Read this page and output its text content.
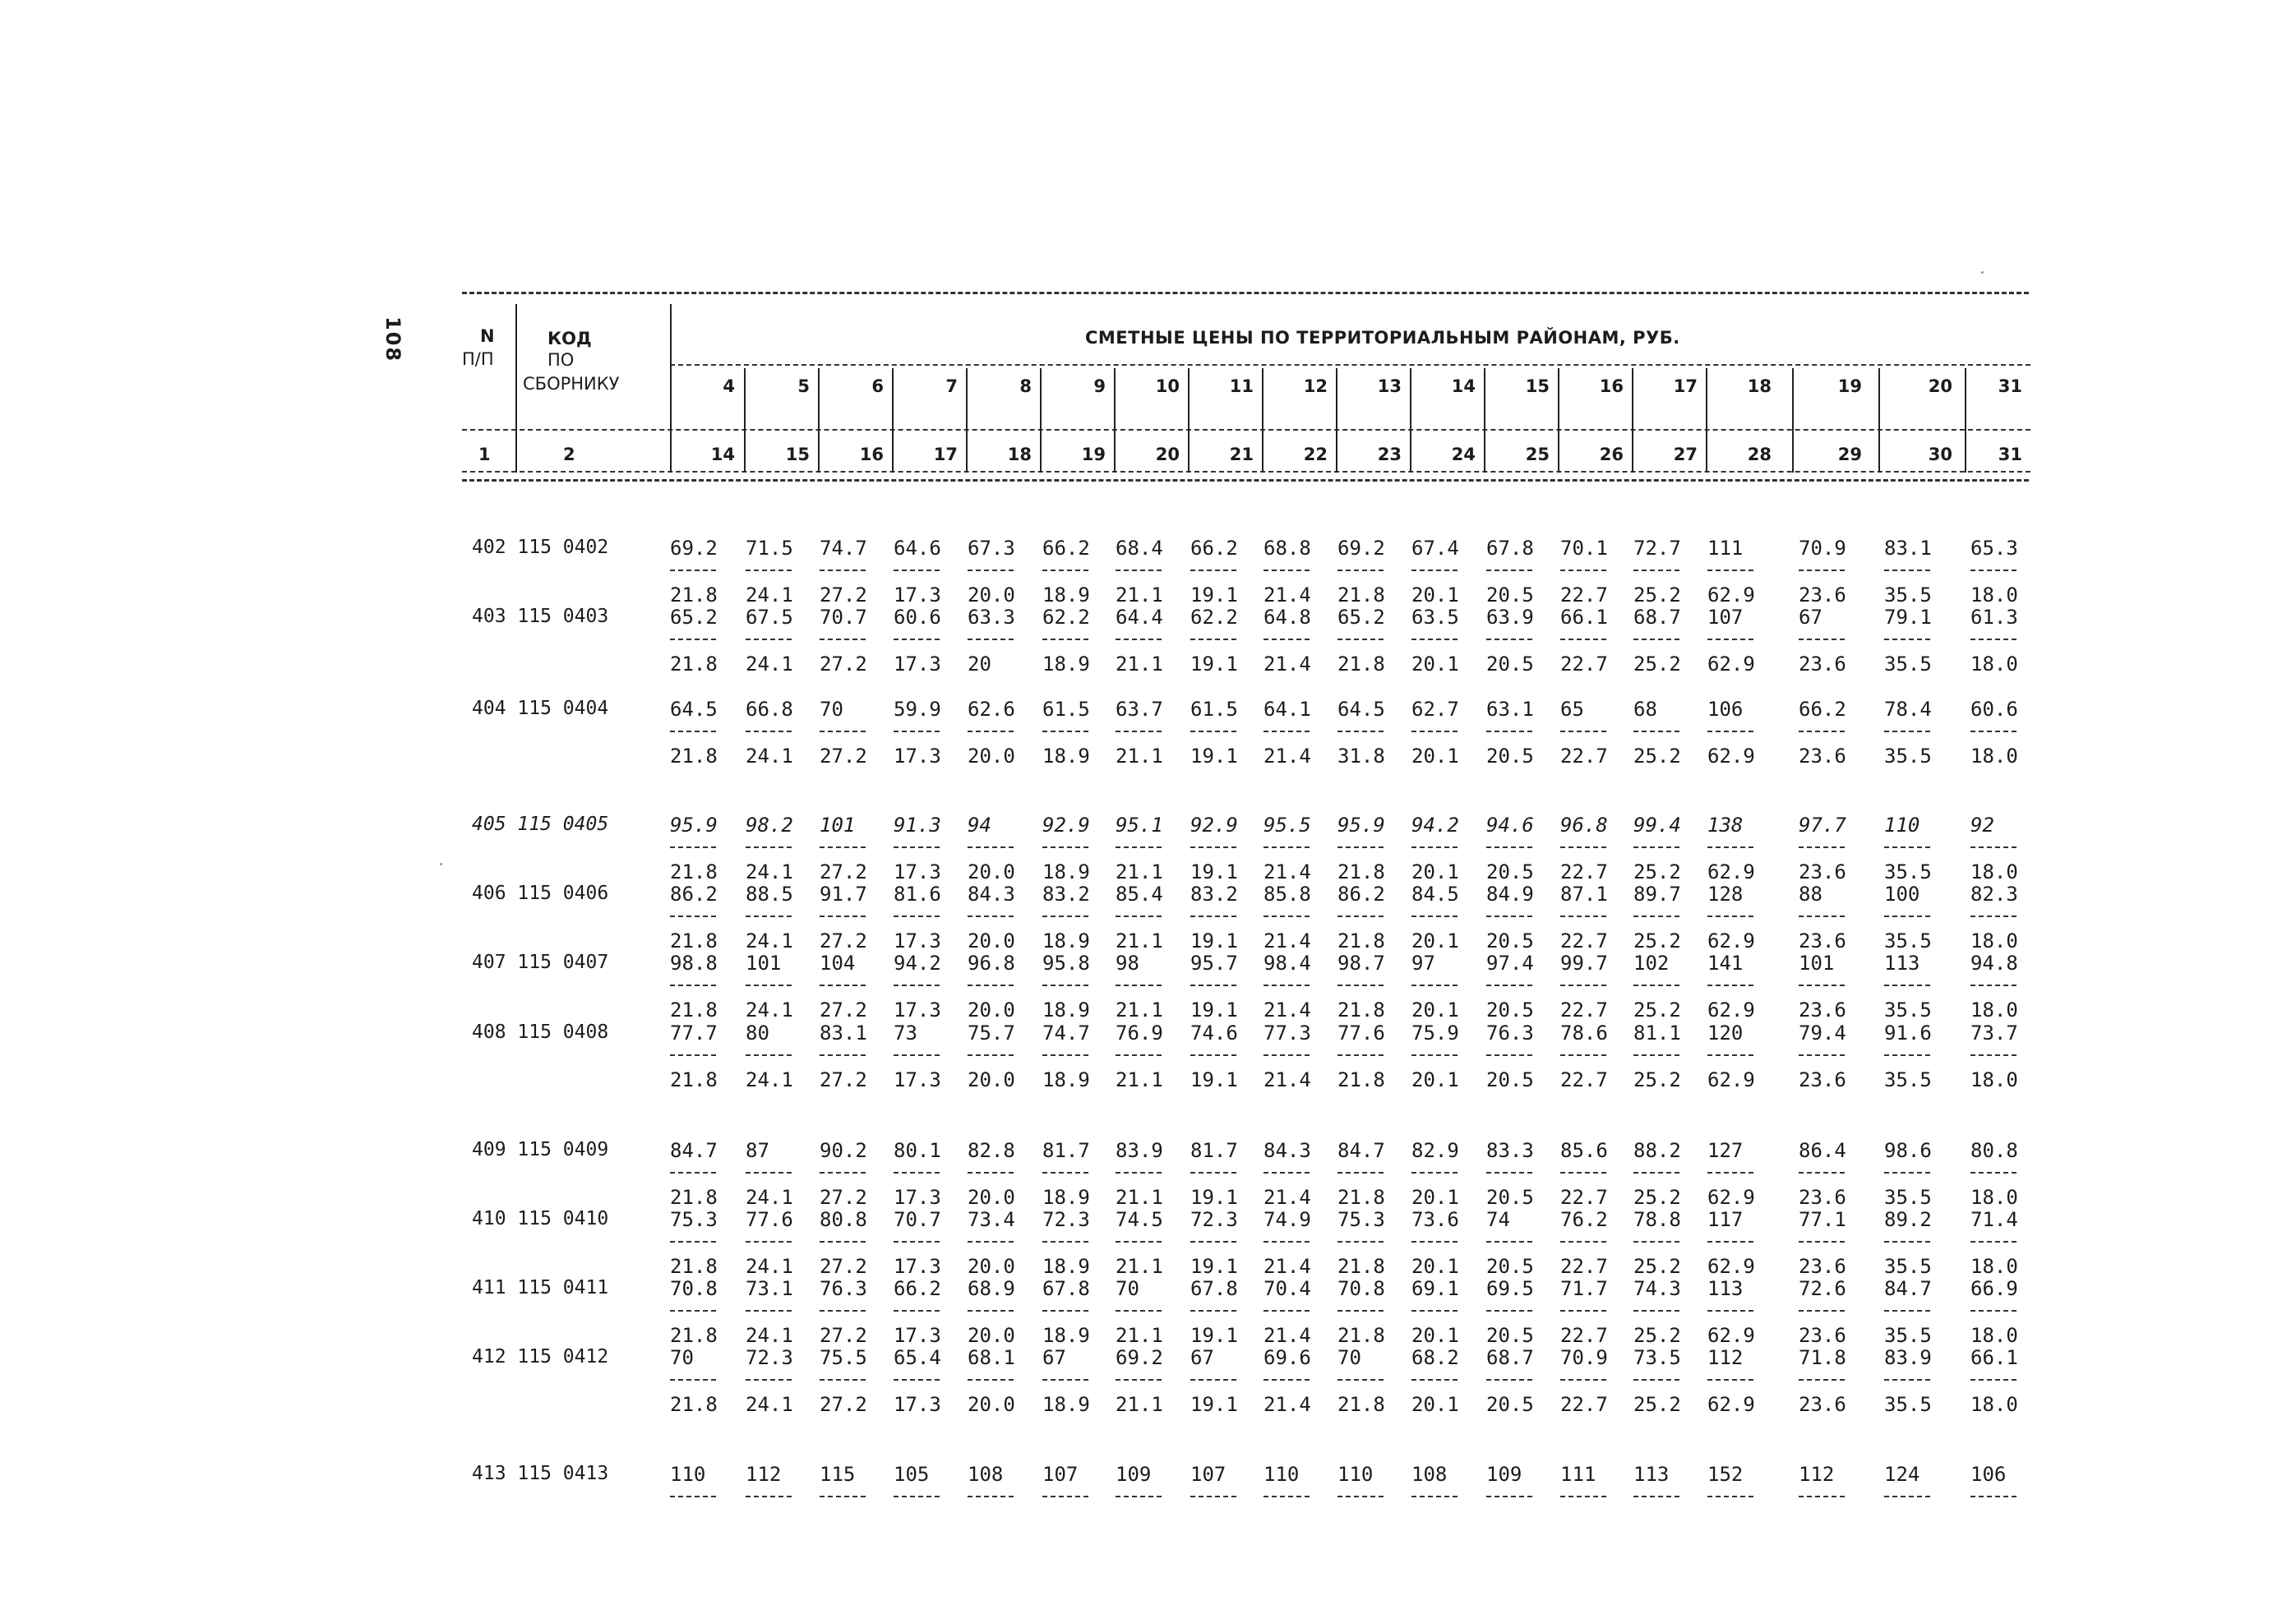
108	N
П/П
КОД
ПО
СБОРНИКУ
СМЕТНЫЕ ЦЕНЫ ПО ТЕРРИТОРИАЛЬНЫМ РАЙОНАМ, РУБ.
4	5	6	7	8	9	10	11	12	13	14	15	16	17	18	19	20	31
1	2	14	15	16	17	18	19	20	21	22	23	24	25	26	27	28	29	30	31
402 115 0402	69.2 71.5 74.7 64.6 67.3 66.2 68.4 66.2 68.8 69.2 67.4 67.8 70.1 72.7 111	70.9 83.1 65.3
21.8 24.1 27.2 17.3 20.0 18.9 21.1 19.1 21.4 21.8 20.1 20.5 22.7 25.2 62.9 23.6 35.5 18.0
403 115 0403	65.2 67.5 70.7 60.6 63.3 62.2 64.4 62.2 64.8 65.2 63.5 63.9 66.1 68.7 107	67	79.1 61.3
21.8 24.1 27.2 17.3 20	18.9 21.1 19.1 21.4 21.8 20.1 20.5 22.7 25.2 62.9 23.6 35.5 18.0
404 115 0404	64.5 66.8 70	59.9 62.6 61.5 63.7 61.5 64.1 64.5 62.7 63.1 65	68	106	66.2 78.4 60.6
21.8 24.1 27.2 17.3 20.0 18.9 21.1 19.1 21.4 31.8 20.1 20.5 22.7 25.2 62.9 23.6 35.5 18.0
405 115 0405	95.9 98.2 101 91.3 94	92.9 95.1 92.9 95.5 95.9 94.2 94.6 96.8 99.4 138	97.7 110	92
21.8 24.1 27.2 17.3 20.0 18.9 21.1 19.1 21.4 21.8 20.1 20.5 22.7 25.2 62.9 23.6 35.5 18.0
406 115 0406	86.2 88.5 91.7 81.6 84.3 83.2 85.4 83.2 85.8 86.2 84.5 84.9 87.1 89.7 128	88	100	82.3
21.8 24.1 27.2 17.3 20.0 18.9 21.1 19.1 21.4 21.8 20.1 20.5 22.7 25.2 62.9 23.6 35.5 18.0
407 115 0407	98.8 101 104 94.2 96.8 95.8 98	95.7 98.4 98.7 97	97.4 99.7 102 141	101	113	94.8
21.8 24.1 27.2 17.3 20.0 18.9 21.1 19.1 21.4 21.8 20.1 20.5 22.7 25.2 62.9 23.6 35.5 18.0
408 115 0408	77.7 80	83.1 73	75.7 74.7 76.9 74.6 77.3 77.6 75.9 76.3 78.6 81.1 120	79.4 91.6 73.7
21.8 24.1 27.2 17.3 20.0 18.9 21.1 19.1 21.4 21.8 20.1 20.5 22.7 25.2 62.9 23.6 35.5 18.0
409 115 0409	84.7 87	90.2 80.1 82.8 81.7 83.9 81.7 84.3 84.7 82.9 83.3 85.6 88.2 127	86.4 98.6 80.8
21.8 24.1 27.2 17.3 20.0 18.9 21.1 19.1 21.4 21.8 20.1 20.5 22.7 25.2 62.9 23.6 35.5 18.0
410 115 0410	75.3 77.6 80.8 70.7 73.4 72.3 74.5 72.3 74.9 75.3 73.6 74	76.2 78.8 117	77.1 89.2 71.4
21.8 24.1 27.2 17.3 20.0 18.9 21.1 19.1 21.4 21.8 20.1 20.5 22.7 25.2 62.9 23.6 35.5 18.0
411 115 0411	70.8 73.1 76.3 66.2 68.9 67.8 70	67.8 70.4 70.8 69.1 69.5 71.7 74.3 113	72.6 84.7 66.9
21.8 24.1 27.2 17.3 20.0 18.9 21.1 19.1 21.4 21.8 20.1 20.5 22.7 25.2 62.9 23.6 35.5 18.0
412 115 0412	70	72.3 75.5 65.4 68.1 67	69.2 67	69.6 70	68.2 68.7 70.9 73.5 112	71.8 83.9 66.1
21.8 24.1 27.2 17.3 20.0 18.9 21.1 19.1 21.4 21.8 20.1 20.5 22.7 25.2 62.9 23.6 35.5 18.0
413 115 0413	110 112 115 105 108 107 109 107 110 110 108 109 111 113 152	112	124	106
